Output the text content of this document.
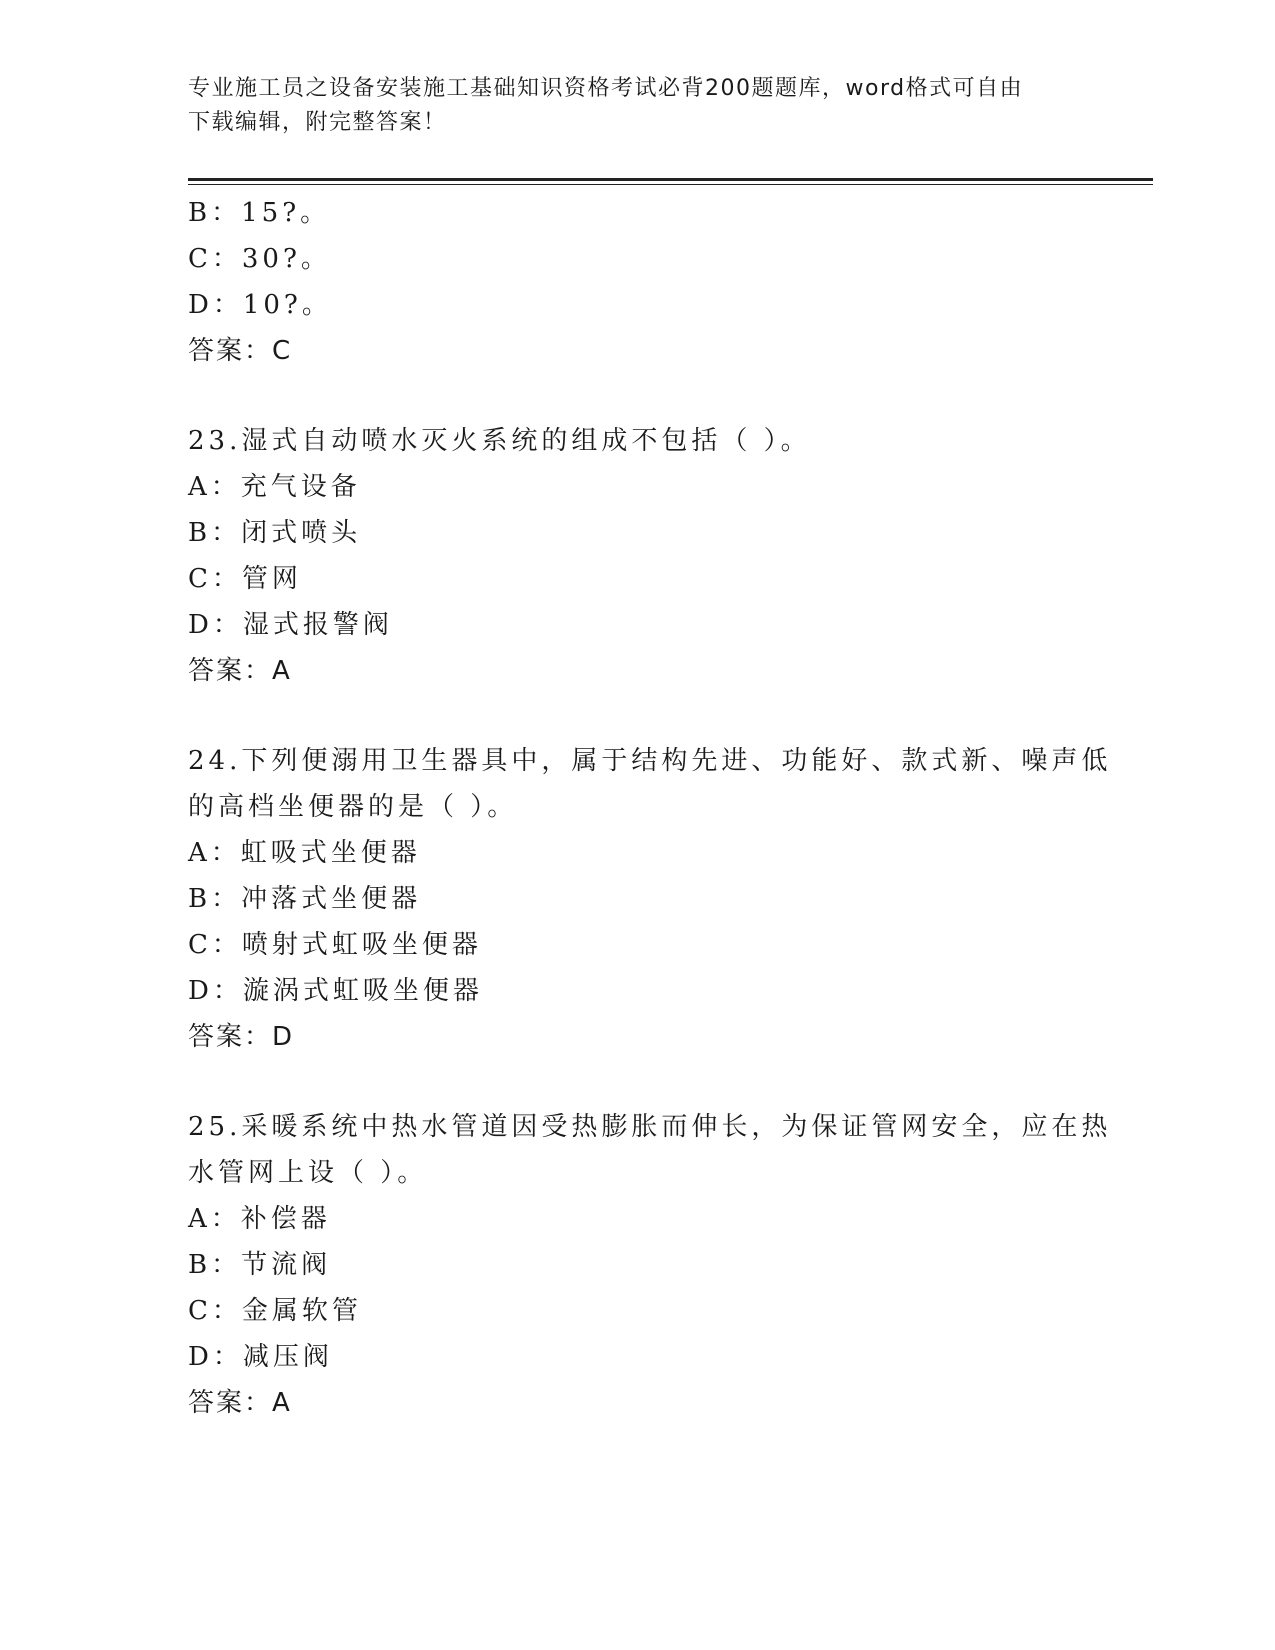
专业施工员之设备安装施工基础知识资格考试必背200题题库，word格式可自由
下载编辑，附完整答案！
B：15?。
C：30?。
D：10?。
答案：C
23.湿式自动喷水灭火系统的组成不包括（ ）。
A：充气设备
B：闭式喷头
C：管网
D：湿式报警阀
答案：A
24.下列便溺用卫生器具中，属于结构先进、功能好、款式新、噪声低
的高档坐便器的是（ ）。
A：虹吸式坐便器
B：冲落式坐便器
C：喷射式虹吸坐便器
D：漩涡式虹吸坐便器
答案：D
25.采暖系统中热水管道因受热膨胀而伸长，为保证管网安全，应在热
水管网上设（ ）。
A：补偿器
B：节流阀
C：金属软管
D：减压阀
答案：A
